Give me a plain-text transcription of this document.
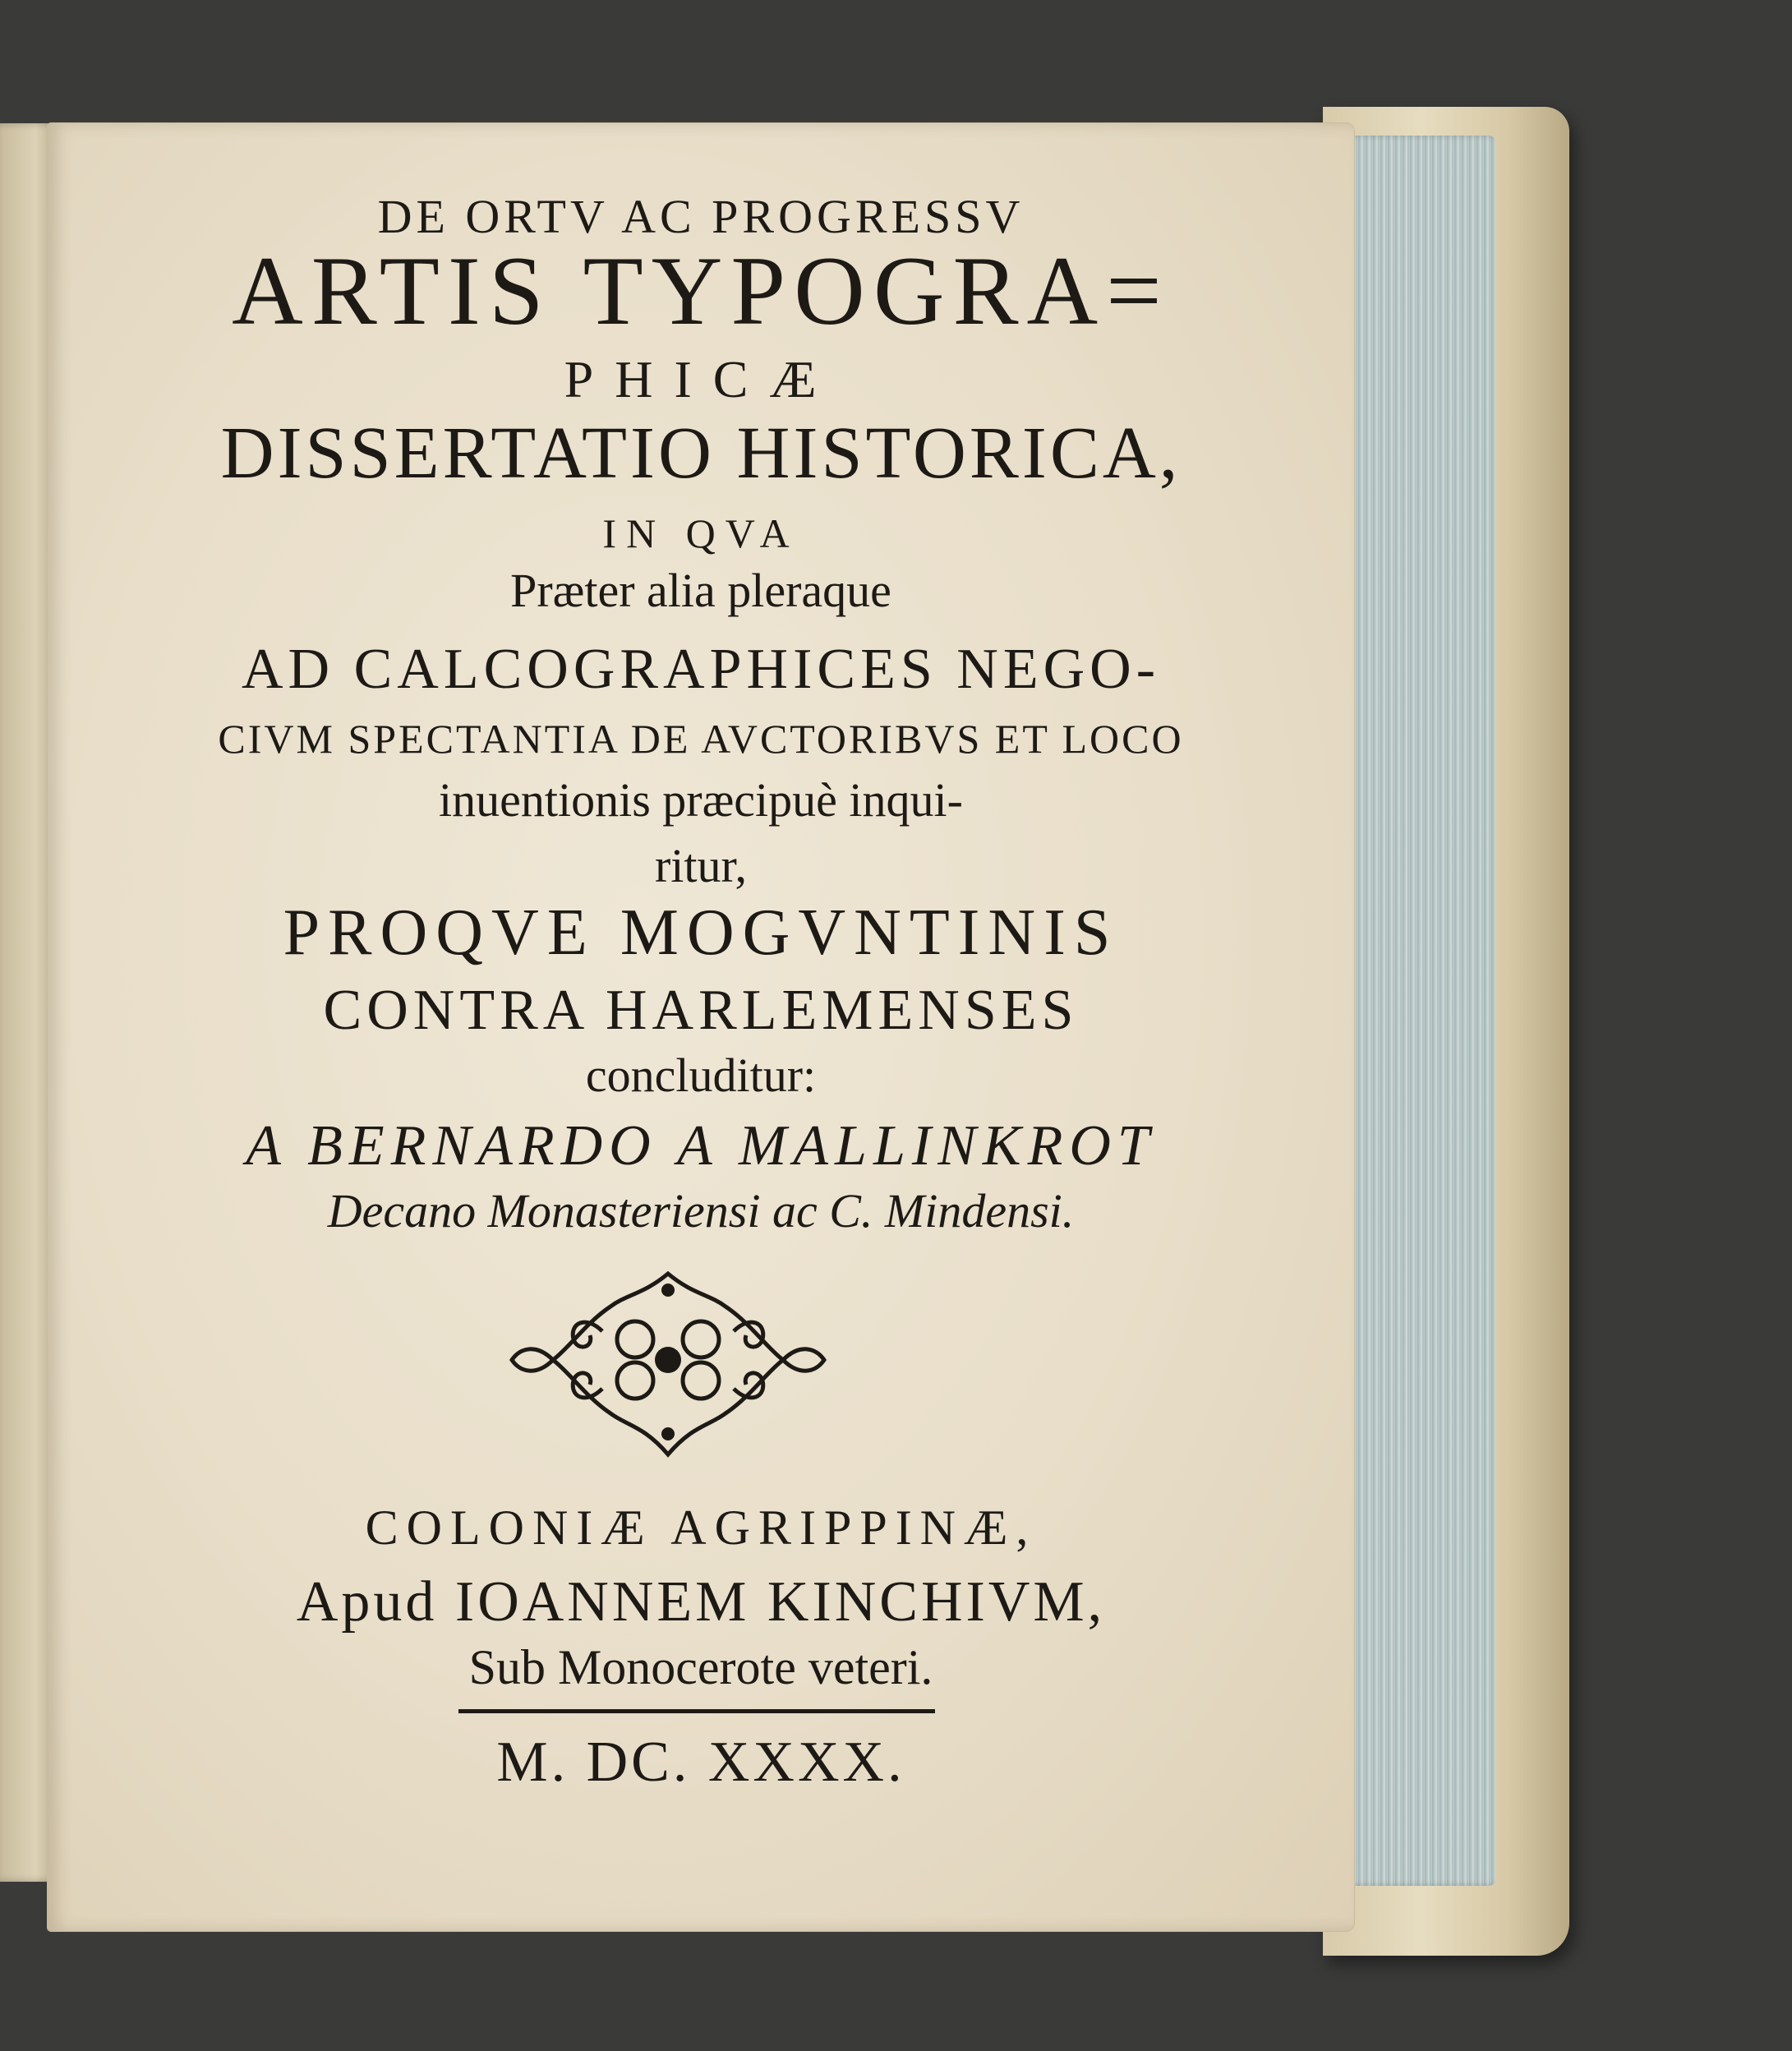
DE ORTV AC PROGRESSV
ARTIS TYPOGRA=
PHICÆ
DISSERTATIO HISTORICA,
IN QVA
Præter alia pleraque
AD CALCOGRAPHICES NEGO-
CIVM SPECTANTIA DE AVCTORIBVS ET LOCO
inuentionis præcipuè inqui-
ritur,
PROQVE MOGVNTINIS
CONTRA HARLEMENSES
concluditur:
A BERNARDO A MALLINKROT
Decano Monasteriensi ac C. Mindensi.
COLONIÆ AGRIPPINÆ,
Apud IOANNEM KINCHIVM,
Sub Monocerote veteri.
M. DC. XXXX.
